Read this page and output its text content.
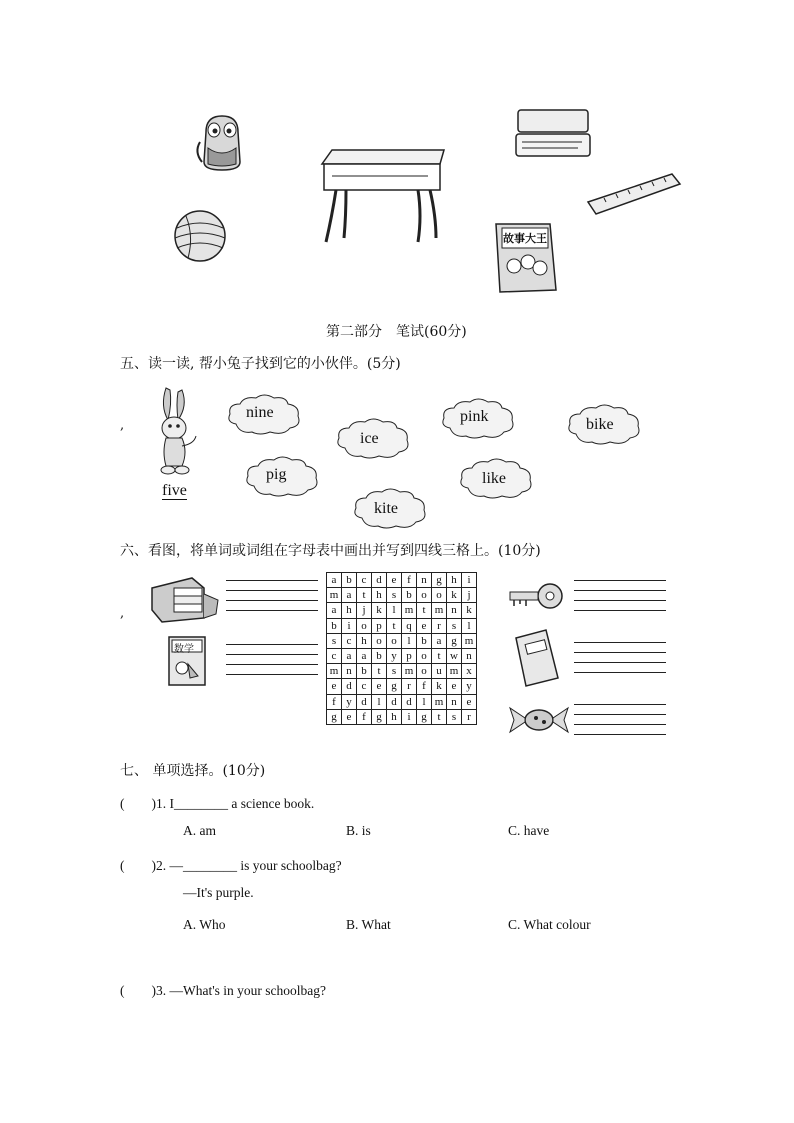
故事大王
第二部分　笔试(60分)
五、读一读, 帮小兔子找到它的小伙伴。(5分)
,
five
nine
ice
pink	bike
pig	like
kite
六、看图，将单词或词组在字母表中画出并写到四线三格上。(10分)
,
数学
a	b	c	d	e	f	n	g	h	i
m	a	t	h	s	b	o	o	k	j
a	h	j	k	l	m	t	m	n	k
b	i	o	p	t	q	e	r	s	l
s	c	h	o	o	l	b	a	g	m
c	a	a	b	y	p	o	t	w	n
m	n	b	t	s	m	o	u	m	x
e	d	c	e	g	r	f	k	e	y
f	y	d	l	d	d	l	m	n	e
g	e	f	g	h	i	g	t	s	r
七、 单项选择。(10分)
(　　)1. I________ a science book.
A. am	B. is	C. have
(　　)2. —________ is your schoolbag?
—It's purple.
A. Who	B. What	C. What colour
(　　)3. —What's in your schoolbag?
